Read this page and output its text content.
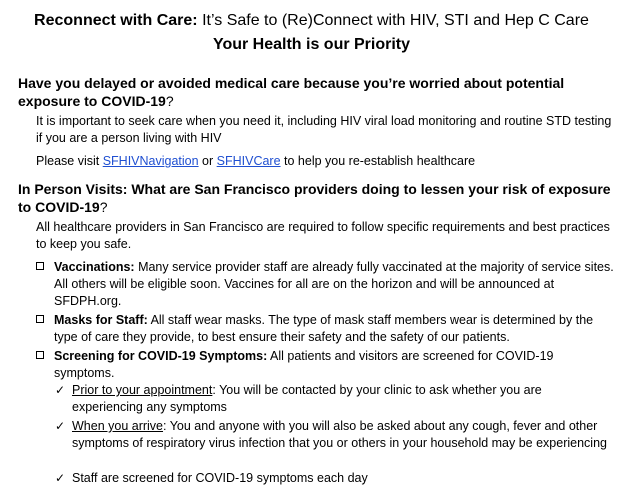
Reconnect with Care: It’s Safe to (Re)Connect with HIV, STI and Hep C Care
Your Health is our Priority
Have you delayed or avoided medical care because you’re worried about potential exposure to COVID-19?
It is important to seek care when you need it, including HIV viral load monitoring and routine STD testing if you are a person living with HIV
Please visit SFHIVNavigation or SFHIVCare to help you re-establish healthcare
In Person Visits: What are San Francisco providers doing to lessen your risk of exposure to COVID-19?
All healthcare providers in San Francisco are required to follow specific requirements and best practices to keep you safe.
Vaccinations: Many service provider staff are already fully vaccinated at the majority of service sites. All others will be eligible soon. Vaccines for all are on the horizon and will be announced at SFDPH.org.
Masks for Staff: All staff wear masks. The type of mask staff members wear is determined by the type of care they provide, to best ensure their safety and the safety of our patients.
Screening for COVID-19 Symptoms: All patients and visitors are screened for COVID-19 symptoms.
✓ Prior to your appointment: You will be contacted by your clinic to ask whether you are experiencing any symptoms
✓ When you arrive: You and anyone with you will also be asked about any cough, fever and other symptoms of respiratory virus infection that you or others in your household may be experiencing
✓ Staff are screened for COVID-19 symptoms each day
